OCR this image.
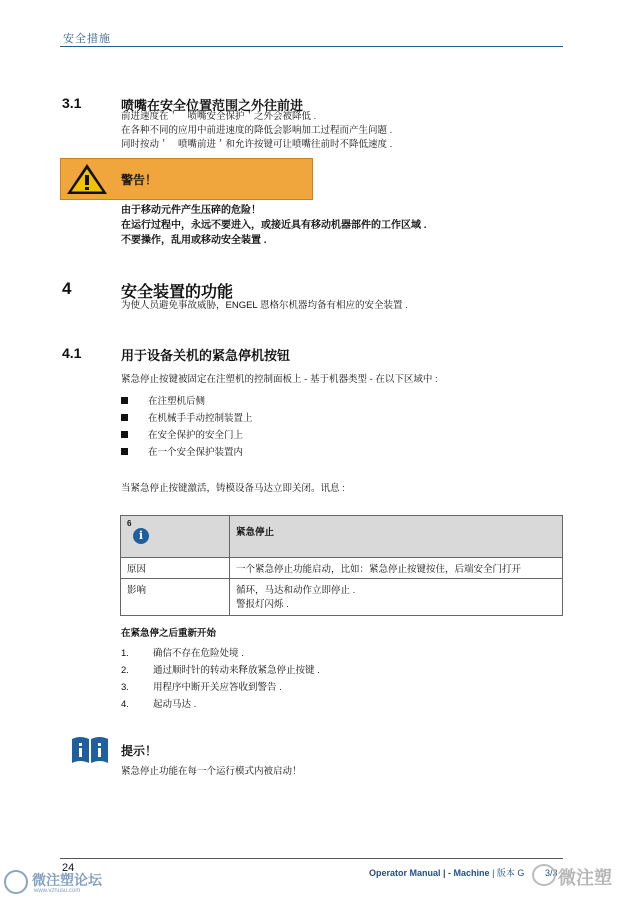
安全措施
3.1	喷嘴在安全位置范围之外往前进
前进速度在＇　喷嘴安全保护＇之外会被降低 .
在各种不同的应用中前进速度的降低会影响加工过程而产生问题 .
同时按动＇　喷嘴前进＇和允许按键可让喷嘴往前时不降低速度 .
警告！
由于移动元件产生压碎的危险！
在运行过程中，永远不要进入，或接近具有移动机器部件的工作区域 .
不要操作，乱用或移动安全装置 .
4	安全装置的功能
为使人员避免事故威胁，ENGEL 恩格尔机器均备有相应的安全装置 .
4.1	用于设备关机的紧急停机按钮
紧急停止按键被固定在注塑机的控制面板上 - 基于机器类型 - 在以下区域中 :
在注塑机后侧
在机械手手动控制装置上
在安全保护的安全门上
在一个安全保护装置内
当紧急停止按键激活，铸模设备马达立即关闭。讯息 :
6
i	紧急停止
原因	一个紧急停止功能启动，比如：紧急停止按键按住，后端安全门打开
影响	循环，马达和动作立即停止 .
警报灯闪烁 .
在紧急停之后重新开始
1.	确信不存在危险处境 .
2.	通过顺时针的转动来释放紧急停止按键 .
3.	用程序中断开关应答收到警告 .
4.	起动马达 .
提示！
紧急停止功能在每一个运行模式内被启动！
24	Operator Manual | - Machine | 版本 G 3/3
微注塑论坛
www.vzhusu.com
微注塑
